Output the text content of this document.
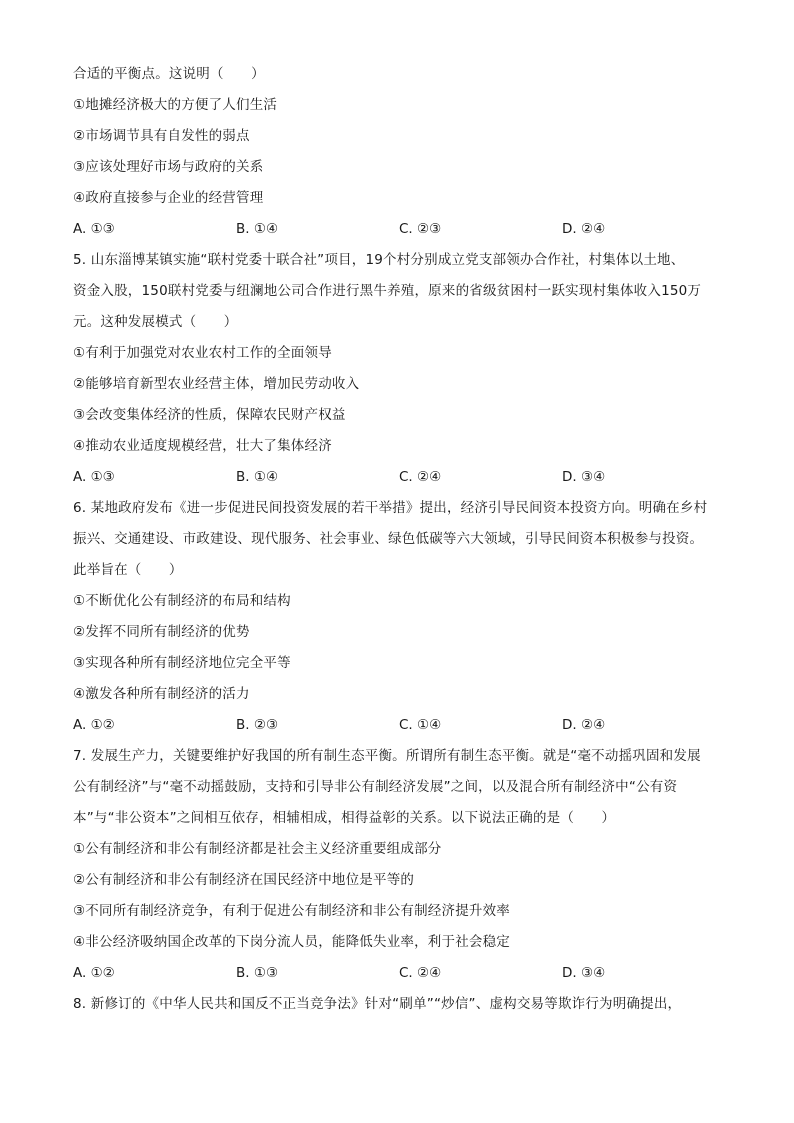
合适的平衡点。这说明（　　）
①地摊经济极大的方便了人们生活
②市场调节具有自发性的弱点
③应该处理好市场与政府的关系
④政府直接参与企业的经营管理
A. ①③	B. ①④	C. ②③	D. ②④
5. 山东淄博某镇实施“联村党委十联合社”项目，19个村分别成立党支部领办合作社，村集体以土地、
资金入股，150联村党委与纽澜地公司合作进行黑牛养殖，原来的省级贫困村一跃实现村集体收入150万
元。这种发展模式（　　）
①有利于加强党对农业农村工作的全面领导
②能够培育新型农业经营主体，增加民劳动收入
③会改变集体经济的性质，保障农民财产权益
④推动农业适度规模经营，壮大了集体经济
A. ①③	B. ①④	C. ②④	D. ③④
6. 某地政府发布《进一步促进民间投资发展的若干举措》提出，经济引导民间资本投资方向。明确在乡村
振兴、交通建设、市政建设、现代服务、社会事业、绿色低碳等六大领域，引导民间资本积极参与投资。
此举旨在（　　）
①不断优化公有制经济的布局和结构
②发挥不同所有制经济的优势
③实现各种所有制经济地位完全平等
④激发各种所有制经济的活力
A. ①②	B. ②③	C. ①④	D. ②④
7. 发展生产力，关键要维护好我国的所有制生态平衡。所谓所有制生态平衡。就是“毫不动摇巩固和发展
公有制经济”与“毫不动摇鼓励，支持和引导非公有制经济发展”之间，以及混合所有制经济中“公有资
本”与“非公资本”之间相互依存，相辅相成，相得益彰的关系。以下说法正确的是（　　）
①公有制经济和非公有制经济都是社会主义经济重要组成部分
②公有制经济和非公有制经济在国民经济中地位是平等的
③不同所有制经济竞争，有利于促进公有制经济和非公有制经济提升效率
④非公经济吸纳国企改革的下岗分流人员，能降低失业率，利于社会稳定
A. ①②	B. ①③	C. ②④	D. ③④
8. 新修订的《中华人民共和国反不正当竞争法》针对“刷单”“炒信”、虚构交易等欺诈行为明确提出，
